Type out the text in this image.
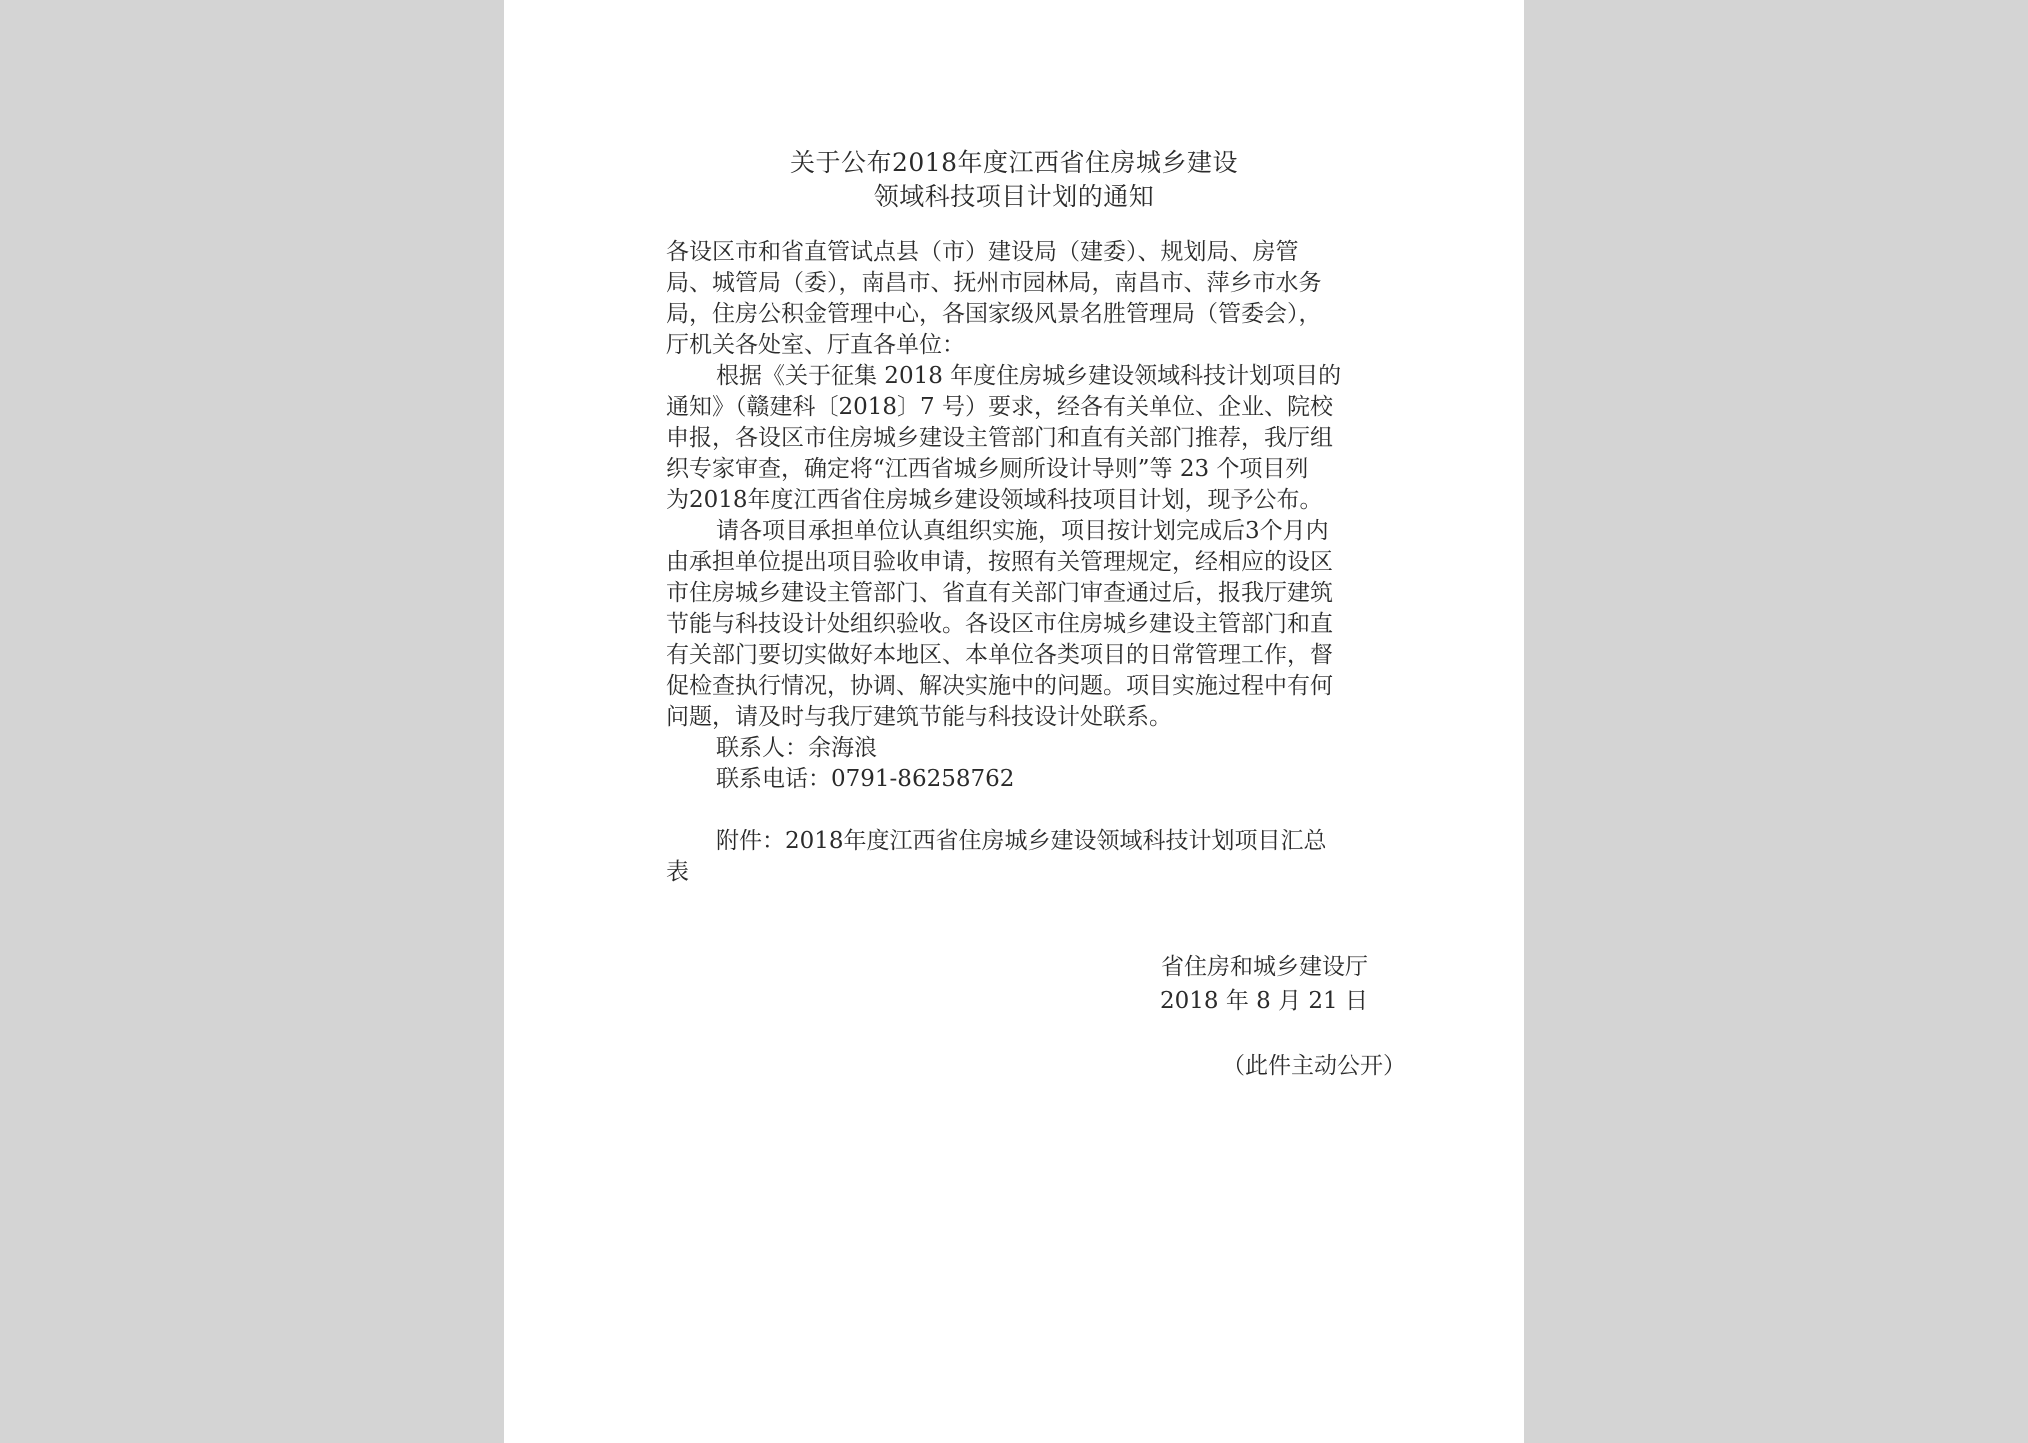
关于公布2018年度江西省住房城乡建设
领域科技项目计划的通知
各设区市和省直管试点县（市）建设局（建委）、规划局、房管
局、城管局（委），南昌市、抚州市园林局，南昌市、萍乡市水务
局，住房公积金管理中心，各国家级风景名胜管理局（管委会），
厅机关各处室、厅直各单位：
根据《关于征集 2018 年度住房城乡建设领域科技计划项目的
通知》（赣建科〔2018〕7 号）要求，经各有关单位、企业、院校
申报，各设区市住房城乡建设主管部门和直有关部门推荐，我厅组
织专家审查，确定将“江西省城乡厕所设计导则”等 23 个项目列
为2018年度江西省住房城乡建设领域科技项目计划，现予公布。
请各项目承担单位认真组织实施，项目按计划完成后3个月内
由承担单位提出项目验收申请，按照有关管理规定，经相应的设区
市住房城乡建设主管部门、省直有关部门审查通过后，报我厅建筑
节能与科技设计处组织验收。各设区市住房城乡建设主管部门和直
有关部门要切实做好本地区、本单位各类项目的日常管理工作，督
促检查执行情况，协调、解决实施中的问题。项目实施过程中有何
问题，请及时与我厅建筑节能与科技设计处联系。
联系人：余海浪
联系电话：0791-86258762
附件：2018年度江西省住房城乡建设领域科技计划项目汇总
表
省住房和城乡建设厅
2018 年 8 月 21 日
（此件主动公开）
